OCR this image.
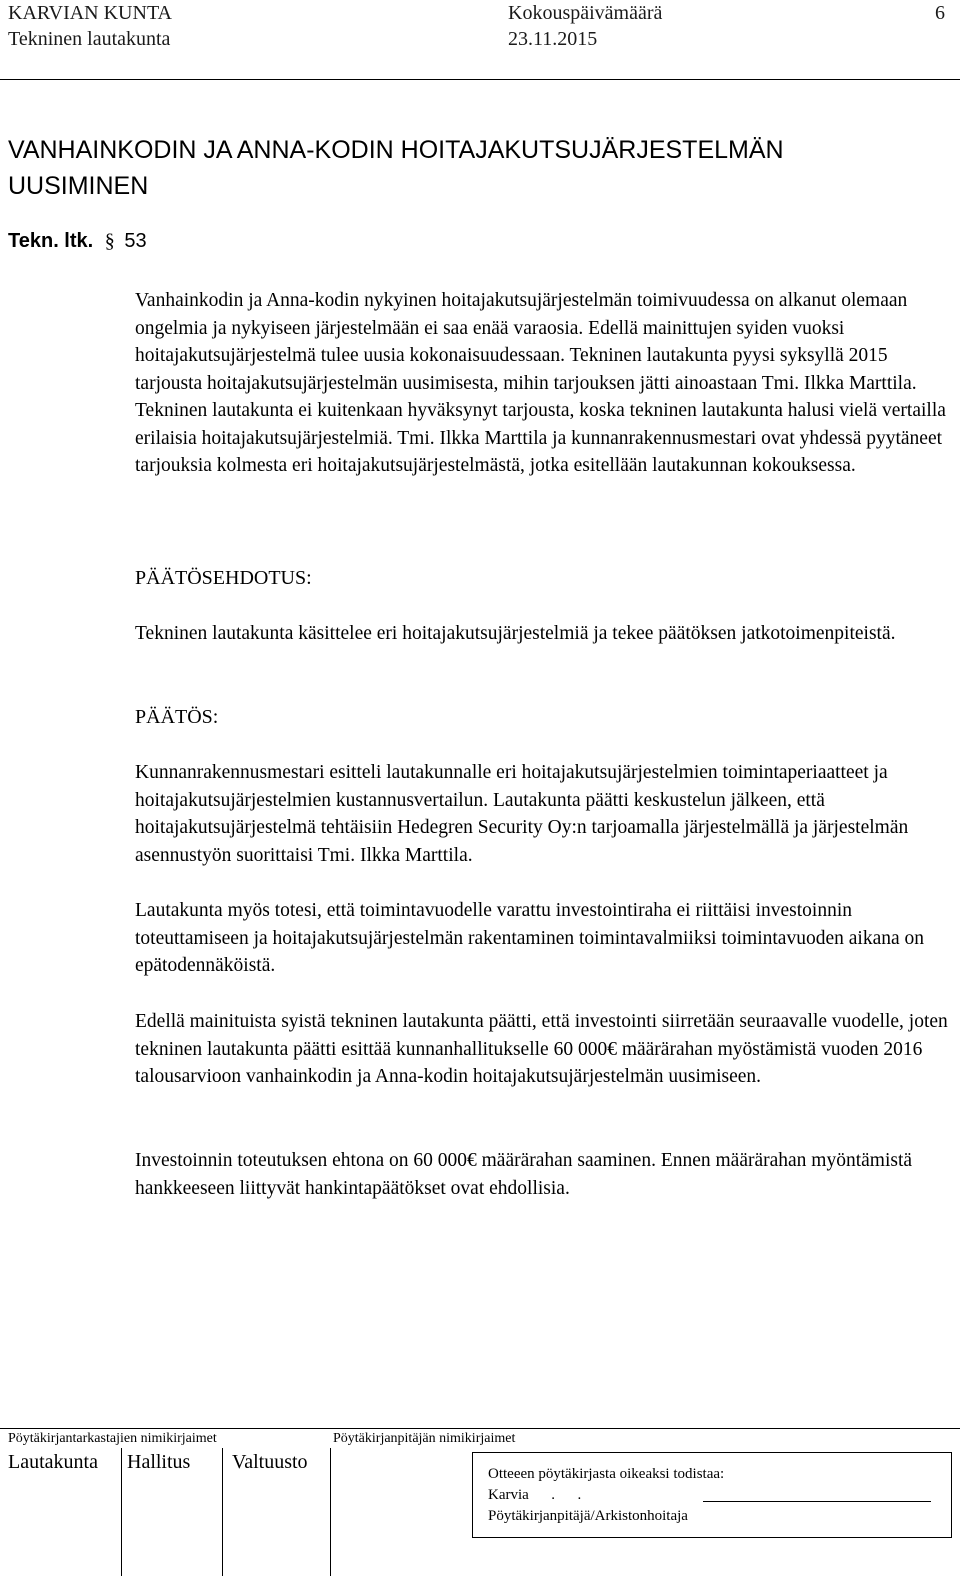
KARVIAN KUNTA
Tekninen lautakunta
Kokouspäivämäärä
23.11.2015
6
VANHAINKODIN JA ANNA-KODIN HOITAJAKUTSUJÄRJESTELMÄN UUSIMINEN
Tekn. ltk. § 53

Vanhainkodin ja Anna-kodin nykyinen hoitajakutsujärjestelmän toimivuudessa on alkanut olemaan ongelmia ja nykyiseen järjestelmään ei saa enää varaosia. Edellä mainittujen syiden vuoksi hoitajakutsujärjestelmä tulee uusia kokonaisuudessaan. Tekninen lautakunta pyysi syksyllä 2015 tarjousta hoitajakutsujärjestelmän uusimisesta, mihin tarjouksen jätti ainoastaan Tmi. Ilkka Marttila. Tekninen lautakunta ei kuitenkaan hyväksynyt tarjousta, koska tekninen lautakunta halusi vielä vertailla erilaisia hoitajakutsujärjestelmiä. Tmi. Ilkka Marttila ja kunnanrakennusmestari ovat yhdessä pyytäneet tarjouksia kolmesta eri hoitajakutsujärjestelmästä, jotka esitellään lautakunnan kokouksessa.

PÄÄTÖSEHDOTUS:

Tekninen lautakunta käsittelee eri hoitajakutsujärjestelmiä ja tekee päätöksen jatkotoimenpiteistä.

PÄÄTÖS:

Kunnanrakennusmestari esitteli lautakunnalle eri hoitajakutsujärjestelmien toimintaperiaatteet ja hoitajakutsujärjestelmien kustannusvertailun. Lautakunta päätti keskustelun jälkeen, että hoitajakutsujärjestelmä tehtäisiin Hedegren Security Oy:n tarjoamalla järjestelmällä ja järjestelmän asennustyön suorittaisi Tmi. Ilkka Marttila.

Lautakunta myös totesi, että toimintavuodelle varattu investointiraha ei riittäisi investoinnin toteuttamiseen ja hoitajakutsujärjestelmän rakentaminen toimintavalmiiksi toimintavuoden aikana on epätodennäköistä.

Edellä mainituista syistä tekninen lautakunta päätti, että investointi siirretään seuraavalle vuodelle, joten tekninen lautakunta päätti esittää kunnanhallitukselle 60 000€ määrärahan myöstämistä vuoden 2016 talousarvioon vanhainkodin ja Anna-kodin hoitajakutsujärjestelmän uusimiseen.

Investoinnin toteutuksen ehtona on 60 000€ määrärahan saaminen. Ennen määrärahan myöntämistä hankkeeseen liittyvät hankintapäätökset ovat ehdollisia.

Pöytäkirjantarkastajien nimikirjaimet	Pöytäkirjanpitäjän nimikirjaimet
Lautakunta Hallitus Valtuusto
Otteeen pöytäkirjasta oikeaksi todistaa:
Karvia      .      .
Pöytäkirjanpitäjä/Arkistonhoitaja
